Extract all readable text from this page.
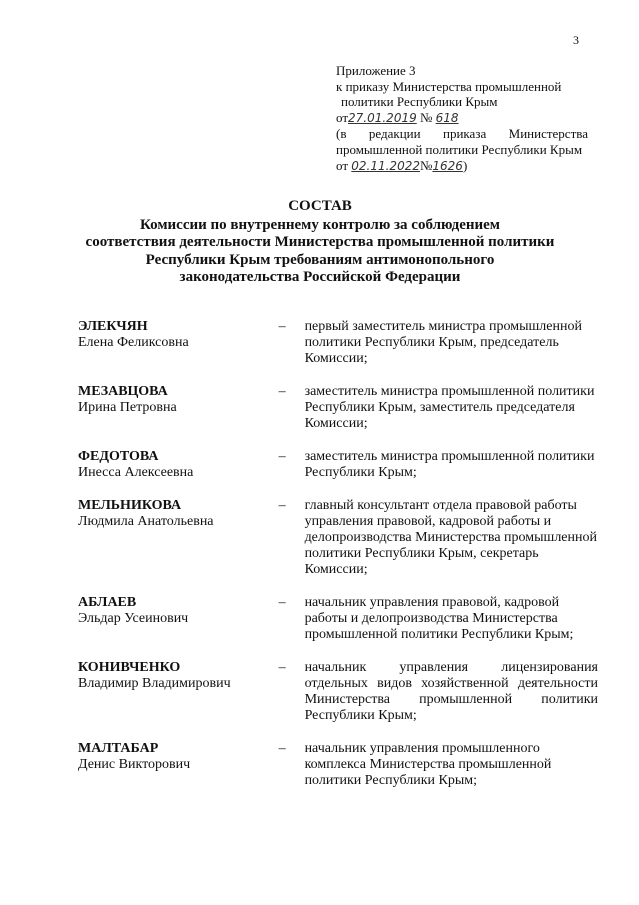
3
Приложение 3
к приказу Министерства промышленной
политики Республики Крым
от27.01.2019 № 618
(в редакции приказа Министерства
промышленной политики Республики Крым
от 02.11.2022№1626)
СОСТАВ
Комиссии по внутреннему контролю за соблюдением
соответствия деятельности Министерства промышленной политики
Республики Крым требованиям антимонопольного
законодательства Российской Федерации
ЭЛЕКЧЯН
Елена Феликсовна
–	первый заместитель министра промышленной политики Республики Крым, председатель Комиссии;
МЕЗАВЦОВА
Ирина Петровна
–	заместитель министра промышленной политики Республики Крым, заместитель председателя Комиссии;
ФЕДОТОВА
Инесса Алексеевна
–	заместитель министра промышленной политики Республики Крым;
МЕЛЬНИКОВА
Людмила Анатольевна
–	главный консультант отдела правовой работы управления правовой, кадровой работы и делопроизводства Министерства промышленной политики Республики Крым, секретарь Комиссии;
АБЛАЕВ
Эльдар Усеинович
–	начальник управления правовой, кадровой работы и делопроизводства Министерства промышленной политики Республики Крым;
КОНИВЧЕНКО
Владимир Владимирович
–	начальник управления лицензирования отдельных видов хозяйственной деятельности Министерства промышленной политики Республики Крым;
МАЛТАБАР
Денис Викторович
–	начальник управления промышленного комплекса Министерства промышленной политики Республики Крым;
